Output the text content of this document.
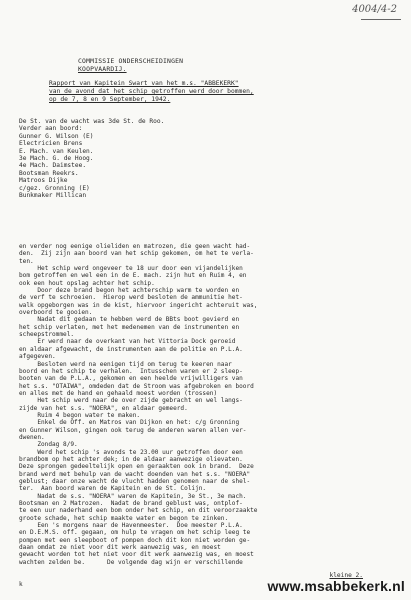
4004/4-2
COMMISSIE ONDERSCHEIDINGEN
KOOPVAARDIJ.
Rapport van Kapitein Swart van het m.s. "ABBEKERK"
van de avond dat het schip getroffen werd door bommen,
op de 7, 8 en 9 September, 1942.
De St. van de wacht was 3de St. de Roo.
Verder aan boord:
Gunner G. Wilson (E)
Electricien Brens
E. Mach. van Keulen.
3e Mach. G. de Hoog.
4e Mach. Daimstee.
Bootsman Reekrs.
Matroos Dijke
c/gez. Gronning (E)
Bunkmaker Millican
en verder nog eenige olieliden en matrozen, die geen wacht had-
den.  Zij zijn aan boord van het schip gekomen, om het te verla-
ten.
Het schip werd ongeveer te 18 uur door een vijandelijken
bom getroffen en wel een in de E. mach. zijn hut en Ruim 4, en
ook een hout opslag achter het schip.
Door deze brand begon het achterschip warm te worden en
de verf te schroeien.  Hierop werd besloten de ammunitie het-
walk opgeborgen was in de kist, hiervoor ingericht achteruit was,
overboord te gooien.
Nadat dit gedaan te hebben werd de BBts boot gevierd en
het schip verlaten, met het medenemen van de instrumenten en
scheepstrommel.
Er werd naar de overkant van het Vittoria Dock geroeid
en aldaar afgewacht, de instrumenten aan de politie en P.L.A.
afgegeven.
Besloten werd na eenigen tijd om terug te keeren naar
boord en het schip te verhalen.  Intusschen waren er 2 sleep-
booten van de P.L.A., gekomen en een heelde vrijwilligers van
het s.s. "OTAIWA", omdeden dat de Stroom was afgebroken en boord
en alles met de hand en gehaald moest worden (trossen)
Het schip werd naar de over zijde gebracht en wel langs-
zijde van het s.s. "NOERA", en aldaar gemeerd.
Ruim 4 begon water te maken.
Enkel de Off. en Matros van Dijkon en het: c/g Gronning
en Gunner Wilson, gingen ook terug de anderen waren allen ver-
dwenen.
Zondag 8/9.
Werd het schip 's avonds te 23.00 uur getroffen door een
brandbom op het achter dek; in de aldaar aanwezige olievaten.
Deze sprongen gedeeltelijk open en geraakten ook in brand.  Deze
brand werd met behulp van de wacht doenden van het s.s. "NOERA"
geblust; daar onze wacht de vlucht hadden genomen naar de shel-
ter.  Aan boord waren de Kapitein en de St. Colijn.
Nadat de s.s. "NOERA" waren de Kapitein, 3e St., 3e mach.
Bootsman en 2 Matrozen.  Nadat de brand geblust was, ontplof-
te een uur naderhand een bom onder het schip, en dit veroorzaakte
groote schade, het schip maakte water en begon te zinken.
Een 's morgens naar de Havenmeester.  Doe meester P.L.A.
en D.E.M.S. off. gegaan, om hulp te vragen om het schip leeg te
pompen met een sleepboot of pompen doch dit kon niet worden ge-
daan omdat ze niet voor dit werk aanwezig was, en moest
gewacht worden tot het niet voor dit werk aanwezig was, en moest
wachten zelden be.      De volgende dag wijn er verschillende
kleine 2.
k	www.msabbekerk.nl
